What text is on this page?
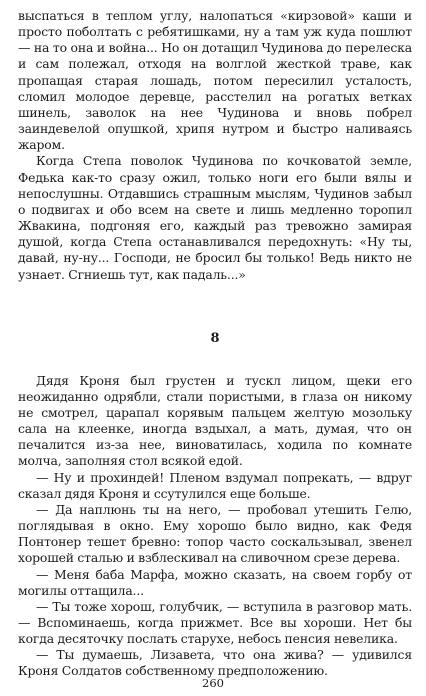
выспаться в теплом углу, налопаться «кирзовой» каши и просто поболтать с ребятишками, ну а там уж куда пошлют — на то она и война... Но он дотащил Чудинова до перелеска и сам полежал, отходя на волглой жесткой траве, как пропащая старая лошадь, потом пересилил усталость, сломил молодое деревце, расстелил на рогатых ветках шинель, заволок на нее Чудинова и вновь побрел заиндевелой опушкой, хрипя нутром и быстро наливаясь жаром.

Когда Степа поволок Чудинова по кочковатой земле, Федька как-то сразу ожил, только ноги его были вялы и непослушны. Отдавшись страшным мыслям, Чудинов забыл о подвигах и обо всем на свете и лишь медленно торопил Жвакина, подгоняя его, каждый раз тревожно замирая душой, когда Степа останавливался передохнуть: «Ну ты, давай, ну-ну... Господи, не бросил бы только! Ведь никто не узнает. Сгниешь тут, как падаль...»

8

Дядя Кроня был грустен и тускл лицом, щеки его неожиданно одрябли, стали пористыми, в глаза он никому не смотрел, царапал корявым пальцем желтую мозольку сала на клеенке, иногда вздыхал, а мать, думая, что он печалится из-за нее, виноватилась, ходила по комнате молча, заполняя стол всякой едой.

— Ну и прохиндей! Пленом вздумал попрекать, — вдруг сказал дядя Кроня и ссутулился еще больше.

— Да наплюнь ты на него, — пробовал утешить Гелю, поглядывая в окно. Ему хорошо было видно, как Федя Понтонер тешет бревно: топор часто соскальзывал, звенел хорошей сталью и взблескивал на сливочном срезе дерева.

— Меня баба Марфа, можно сказать, на своем горбу от могилы оттащила...

— Ты тоже хорош, голубчик, — вступила в разговор мать. — Вспоминаешь, когда прижмет. Все вы хороши. Нет бы когда десяточку послать старухе, небось пенсия невелика.

— Ты думаешь, Лизавета, что она жива? — удивился Кроня Солдатов собственному предположению.

260
